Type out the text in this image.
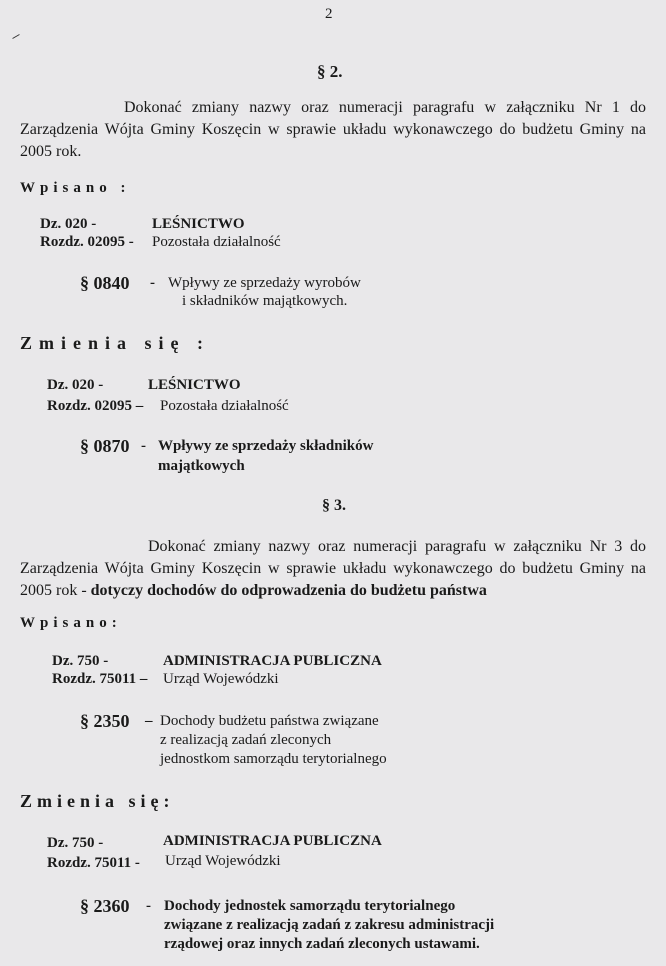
2
§ 2.
Dokonać zmiany nazwy oraz numeracji paragrafu w załączniku Nr 1 do Zarządzenia Wójta Gminy Koszęcin w sprawie układu wykonawczego do budżetu Gminy na 2005 rok.
Wpisano :
Dz. 020 -	LEŚNICTWO
Rozdz. 02095 - Pozostała działalność
§ 0840 - Wpływy ze sprzedaży wyrobów
i składników majątkowych.
Zmienia się :
Dz. 020 -	LEŚNICTWO
Rozdz. 02095 – Pozostała działalność
§ 0870 - Wpływy ze sprzedaży składników
majątkowych
§ 3.
Dokonać zmiany nazwy oraz numeracji paragrafu w załączniku Nr 3 do Zarządzenia Wójta Gminy Koszęcin w sprawie układu wykonawczego do budżetu Gminy na 2005 rok - dotyczy dochodów do odprowadzenia do budżetu państwa
Wpisano:
Dz. 750 -	ADMINISTRACJA PUBLICZNA
Rozdz. 75011 – Urząd Wojewódzki
§ 2350 – Dochody budżetu państwa związane
z realizacją zadań zleconych
jednostkom samorządu terytorialnego
Zmienia się:
Dz. 750 -	ADMINISTRACJA PUBLICZNA
Rozdz. 75011 - Urząd Wojewódzki
§ 2360 - Dochody jednostek samorządu terytorialnego
związane z realizacją zadań z zakresu administracji
rządowej oraz innych zadań zleconych ustawami.
